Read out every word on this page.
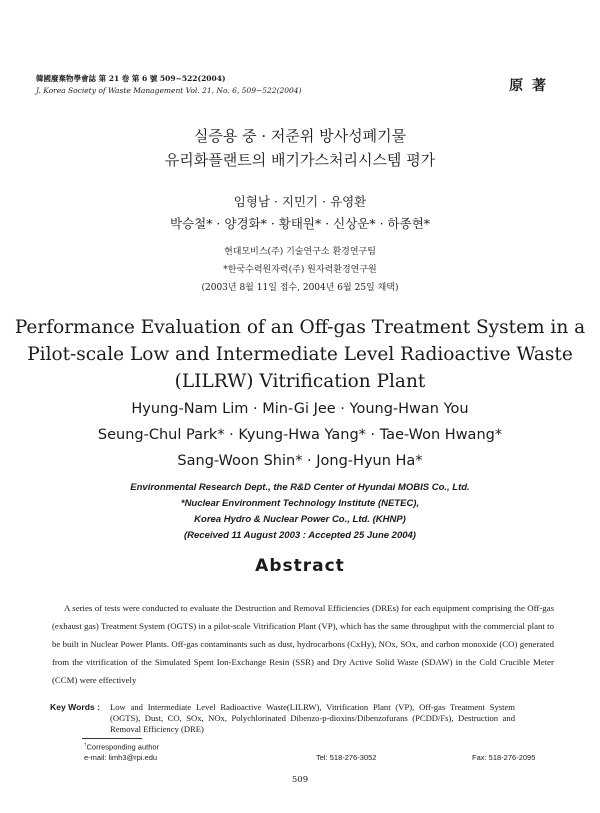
韓國廢棄物學會誌 第 21 卷 第 6 號 509~522(2004)
J. Korea Society of Waste Management Vol. 21, No. 6, 509~522(2004)	原 著
실증용 중 · 저준위 방사성폐기물
유리화플랜트의 배기가스처리시스템 평가
임형남 · 지민기 · 유영환
박승철* · 양경화* · 황태원* · 신상운* · 하종현*
현대모비스(주) 기술연구소 환경연구팀
*한국수력원자력(주) 원자력환경연구원
(2003년 8월 11일 접수, 2004년 6월 25일 채택)
Performance Evaluation of an Off-gas Treatment System in a
Pilot-scale Low and Intermediate Level Radioactive Waste
(LILRW) Vitrification Plant
Hyung-Nam Lim · Min-Gi Jee · Young-Hwan You
Seung-Chul Park* · Kyung-Hwa Yang* · Tae-Won Hwang*
Sang-Woon Shin* · Jong-Hyun Ha*
Environmental Research Dept., the R&D Center of Hyundai MOBIS Co., Ltd.
*Nuclear Environment Technology Institute (NETEC),
Korea Hydro & Nuclear Power Co., Ltd. (KHNP)
(Received 11 August 2003 : Accepted 25 June 2004)
Abstract

A series of tests were conducted to evaluate the Destruction and Removal Efficiencies (DREs) for each equipment comprising the Off-gas (exhaust gas) Treatment System (OGTS) in a pilot-scale Vitrification Plant (VP), which has the same throughput with the commercial plant to be built in Nuclear Power Plants. Off-gas contaminants such as dust, hydrocarbons (CxHy), NOx, SOx, and carbon monoxide (CO) generated from the vitrification of the Simulated Spent Ion-Exchange Resin (SSR) and Dry Active Solid Waste (SDAW) in the Cold Crucible Meter (CCM) were effectively

Key Words : Low and Intermediate Level Radioactive Waste(LILRW), Vitrification Plant (VP), Off-gas Treatment System (OGTS), Dust, CO, SOx, NOx, Polychlorinated Dibenzo-p-dioxins/Dibenzofurans (PCDD/Fs), Destruction and Removal Efficiency (DRE)
†Corresponding author
e-mail: limh3@rpi.edu	Tel: 518-276-3052	Fax: 518-276-2095
509
